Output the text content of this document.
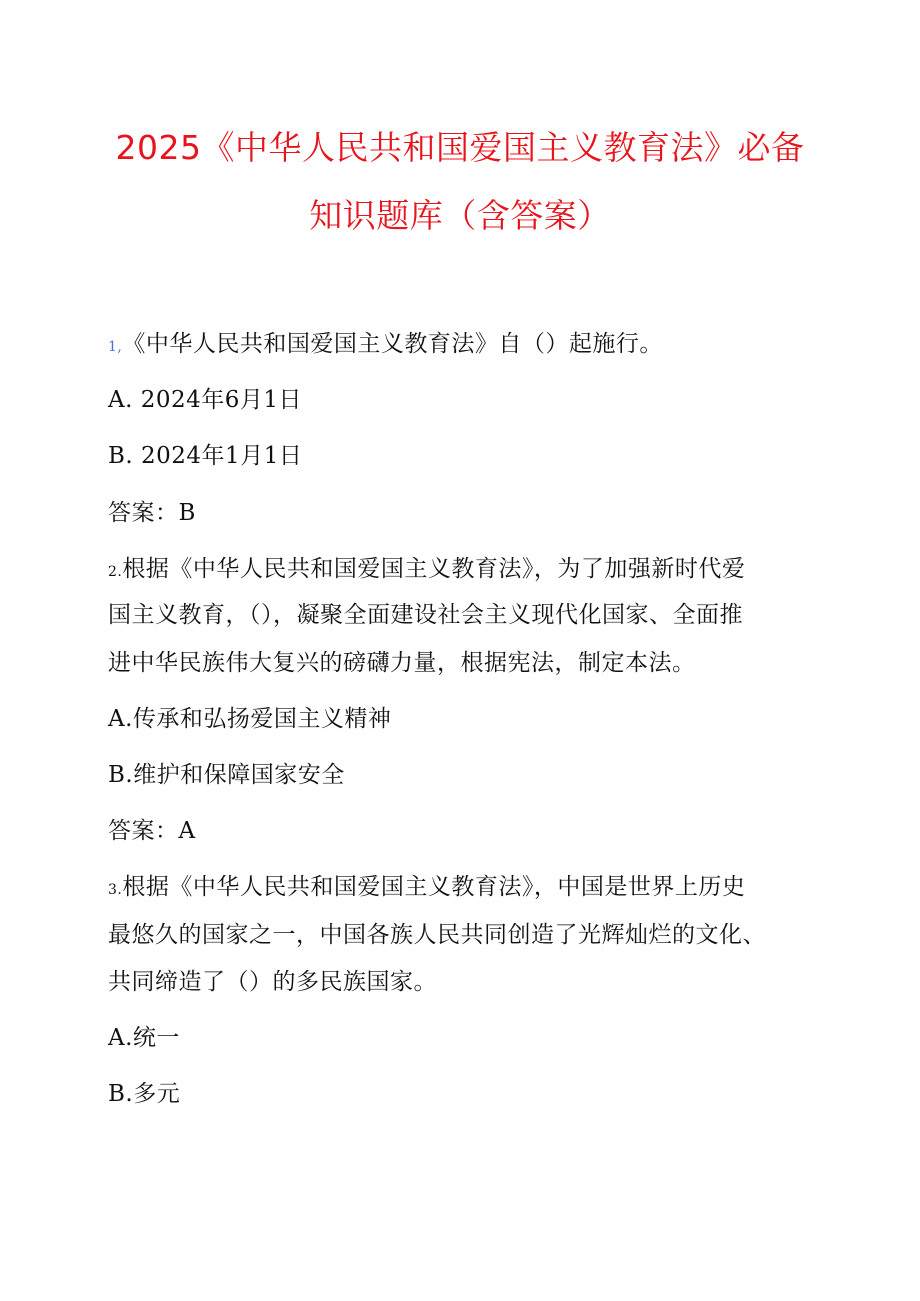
2025《中华人民共和国爱国主义教育法》必备
知识题库（含答案）
1,《中华人民共和国爱国主义教育法》自（）起施行。
A. 2024年6月1日
B. 2024年1月1日
答案：B
2.根据《中华人民共和国爱国主义教育法》，为了加强新时代爱
国主义教育，（），凝聚全面建设社会主义现代化国家、全面推
进中华民族伟大复兴的磅礴力量，根据宪法，制定本法。
A.传承和弘扬爱国主义精神
B.维护和保障国家安全
答案：A
3.根据《中华人民共和国爱国主义教育法》，中国是世界上历史
最悠久的国家之一，中国各族人民共同创造了光辉灿烂的文化、
共同缔造了（）的多民族国家。
A.统一
B.多元
